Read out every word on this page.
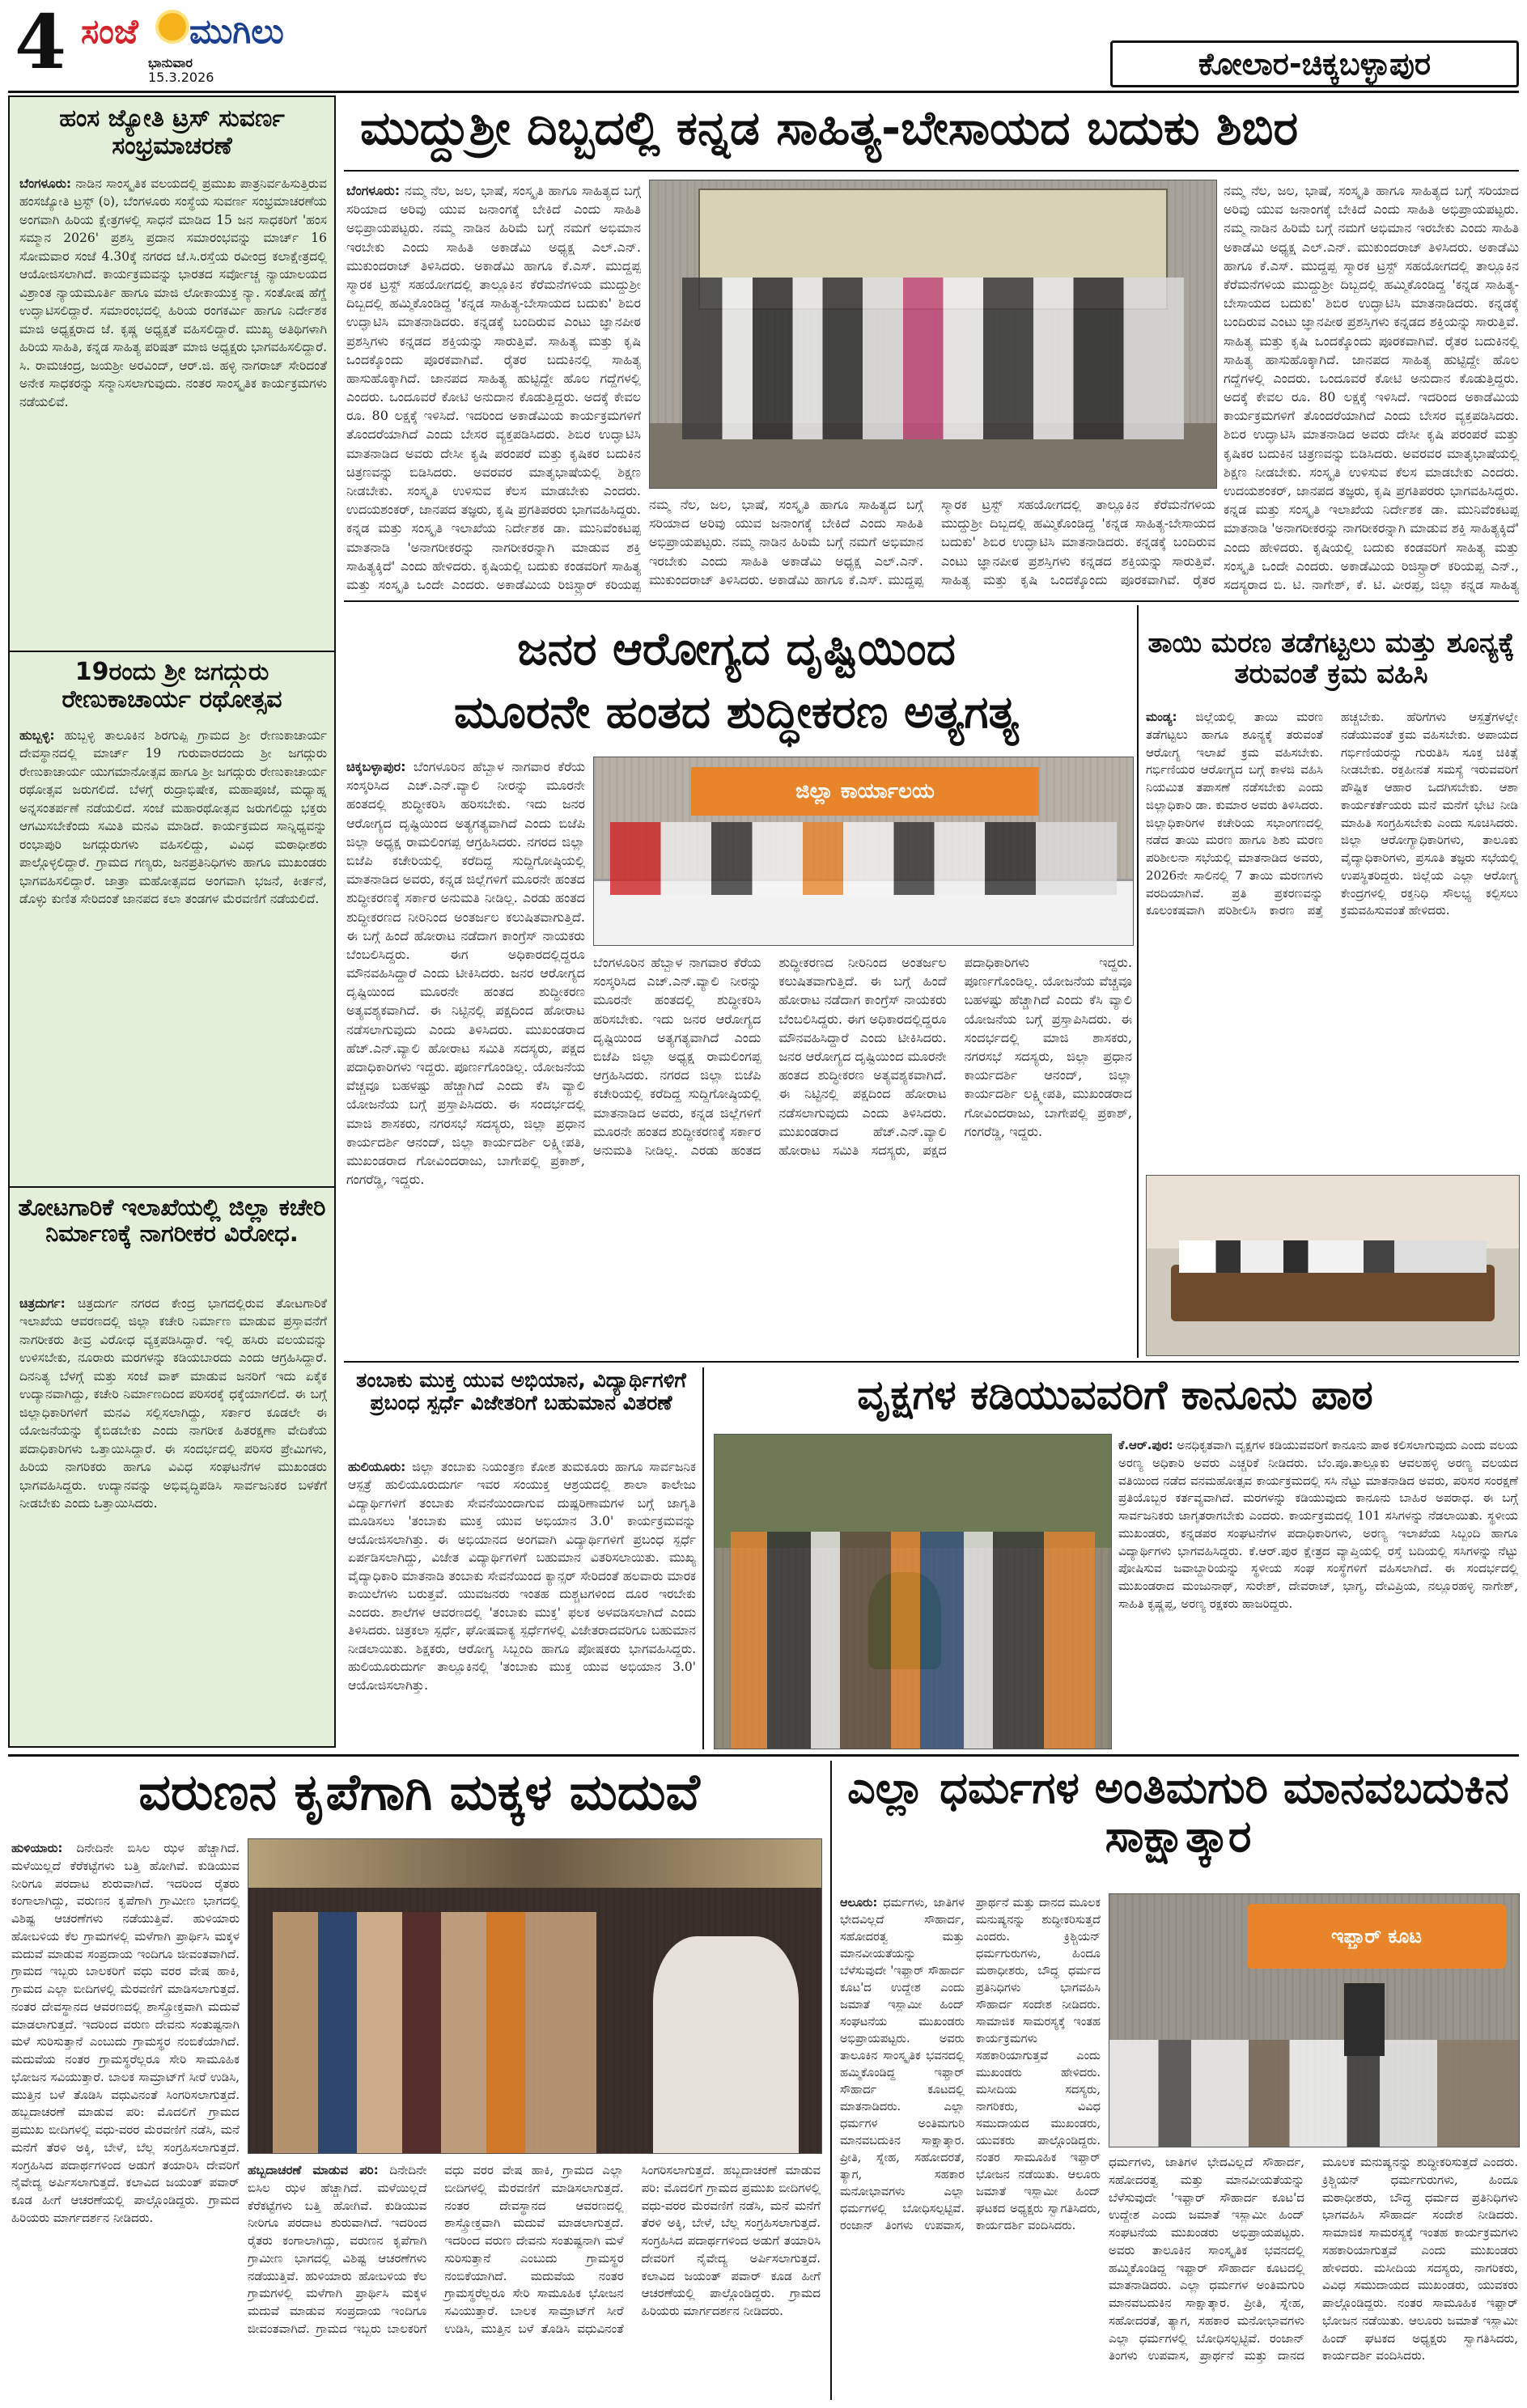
4 ಸಂಜೆ ಮುಗಿಲು
ಭಾನುವಾರ
15.3.2026	ಕೋಲಾರ-ಚಿಕ್ಕಬಳ್ಳಾಪುರ
ಹಂಸ ಜ್ಯೋತಿ ಟ್ರಸ್ ಸುವರ್ಣ ಸಂಭ್ರಮಾಚರಣೆ
ಬೆಂಗಳೂರು: ನಾಡಿನ ಸಾಂಸ್ಕೃತಿಕ ವಲಯದಲ್ಲಿ ಪ್ರಮುಖ ಪಾತ್ರನಿರ್ವಹಿಸುತ್ತಿರುವ ಹಂಸಜ್ಯೋತಿ ಟ್ರಸ್ಟ್ (ರಿ), ಬೆಂಗಳೂರು ಸಂಸ್ಥೆಯ ಸುವರ್ಣ ಸಂಭ್ರಮಾಚರಣೆಯ ಅಂಗವಾಗಿ ಹಿರಿಯ ಕ್ಷೇತ್ರಗಳಲ್ಲಿ ಸಾಧನೆ ಮಾಡಿದ 15 ಜನ ಸಾಧಕರಿಗೆ 'ಹಂಸ ಸಮ್ಮಾನ 2026' ಪ್ರಶಸ್ತಿ ಪ್ರದಾನ ಸಮಾರಂಭವನ್ನು ಮಾರ್ಚ್ 16 ಸೋಮವಾರ ಸಂಜೆ 4.30ಕ್ಕೆ ನಗರದ ಜೆ.ಸಿ.ರಸ್ತೆಯ ರವೀಂದ್ರ ಕಲಾಕ್ಷೇತ್ರದಲ್ಲಿ ಆಯೋಜಿಸಲಾಗಿದೆ. ಕಾರ್ಯಕ್ರಮವನ್ನು ಭಾರತದ ಸರ್ವೋಚ್ಚ ನ್ಯಾಯಾಲಯದ ವಿಶ್ರಾಂತ ನ್ಯಾಯಮೂರ್ತಿ ಹಾಗೂ ಮಾಜಿ ಲೋಕಾಯುಕ್ತ ನ್ಯಾ. ಸಂತೋಷ ಹೆಗ್ಡೆ ಉದ್ಘಾಟಿಸಲಿದ್ದಾರೆ. ಸಮಾರಂಭದಲ್ಲಿ ಹಿರಿಯ ರಂಗಕರ್ಮಿ ಹಾಗೂ ನಿರ್ದೇಶಕ ಮಾಜಿ ಅಧ್ಯಕ್ಷರಾದ ಜೆ. ಕೃಷ್ಣ ಅಧ್ಯಕ್ಷತೆ ವಹಿಸಲಿದ್ದಾರೆ. ಮುಖ್ಯ ಅತಿಥಿಗಳಾಗಿ ಹಿರಿಯ ಸಾಹಿತಿ, ಕನ್ನಡ ಸಾಹಿತ್ಯ ಪರಿಷತ್ ಮಾಜಿ ಅಧ್ಯಕ್ಷರು ಭಾಗವಹಿಸಲಿದ್ದಾರೆ. ಸಿ. ರಾಮಚಂದ್ರ, ಜಯಶ್ರೀ ಅರವಿಂದ್, ಆರ್.ಜಿ. ಹಳ್ಳಿ ನಾಗರಾಜ್ ಸೇರಿದಂತೆ ಅನೇಕ ಸಾಧಕರನ್ನು ಸನ್ಮಾನಿಸಲಾಗುವುದು. ನಂತರ ಸಾಂಸ್ಕೃತಿಕ ಕಾರ್ಯಕ್ರಮಗಳು ನಡೆಯಲಿವೆ.
19ರಂದು ಶ್ರೀ ಜಗದ್ಗುರು ರೇಣುಕಾಚಾರ್ಯ ರಥೋತ್ಸವ
ಹುಬ್ಬಳ್ಳಿ: ಹುಬ್ಬಳ್ಳಿ ತಾಲೂಕಿನ ಶಿರಗುಪ್ಪಿ ಗ್ರಾಮದ ಶ್ರೀ ರೇಣುಕಾಚಾರ್ಯ ದೇವಸ್ಥಾನದಲ್ಲಿ ಮಾರ್ಚ್ 19 ಗುರುವಾರದಂದು ಶ್ರೀ ಜಗದ್ಗುರು ರೇಣುಕಾಚಾರ್ಯ ಯುಗಮಾನೋತ್ಸವ ಹಾಗೂ ಶ್ರೀ ಜಗದ್ಗುರು ರೇಣುಕಾಚಾರ್ಯ ರಥೋತ್ಸವ ಜರುಗಲಿದೆ. ಬೆಳಗ್ಗೆ ರುದ್ರಾಭಿಷೇಕ, ಮಹಾಪೂಜೆ, ಮಧ್ಯಾಹ್ನ ಅನ್ನಸಂತರ್ಪಣೆ ನಡೆಯಲಿದೆ. ಸಂಜೆ ಮಹಾರಥೋತ್ಸವ ಜರುಗಲಿದ್ದು ಭಕ್ತರು ಆಗಮಿಸಬೇಕೆಂದು ಸಮಿತಿ ಮನವಿ ಮಾಡಿದೆ. ಕಾರ್ಯಕ್ರಮದ ಸಾನ್ನಿಧ್ಯವನ್ನು ರಂಭಾಪುರಿ ಜಗದ್ಗುರುಗಳು ವಹಿಸಲಿದ್ದು, ವಿವಿಧ ಮಠಾಧೀಶರು ಪಾಲ್ಗೊಳ್ಳಲಿದ್ದಾರೆ. ಗ್ರಾಮದ ಗಣ್ಯರು, ಜನಪ್ರತಿನಿಧಿಗಳು ಹಾಗೂ ಮುಖಂಡರು ಭಾಗವಹಿಸಲಿದ್ದಾರೆ. ಜಾತ್ರಾ ಮಹೋತ್ಸವದ ಅಂಗವಾಗಿ ಭಜನೆ, ಕೀರ್ತನೆ, ಡೊಳ್ಳು ಕುಣಿತ ಸೇರಿದಂತೆ ಜಾನಪದ ಕಲಾ ತಂಡಗಳ ಮೆರವಣಿಗೆ ನಡೆಯಲಿದೆ.
ತೋಟಗಾರಿಕೆ ಇಲಾಖೆಯಲ್ಲಿ ಜಿಲ್ಲಾ ಕಚೇರಿ ನಿರ್ಮಾಣಕ್ಕೆ ನಾಗರೀಕರ ವಿರೋಧ.
ಚಿತ್ರದುರ್ಗ: ಚಿತ್ರದುರ್ಗ ನಗರದ ಕೇಂದ್ರ ಭಾಗದಲ್ಲಿರುವ ತೋಟಗಾರಿಕೆ ಇಲಾಖೆಯ ಆವರಣದಲ್ಲಿ ಜಿಲ್ಲಾ ಕಚೇರಿ ನಿರ್ಮಾಣ ಮಾಡುವ ಪ್ರಸ್ತಾವನೆಗೆ ನಾಗರೀಕರು ತೀವ್ರ ವಿರೋಧ ವ್ಯಕ್ತಪಡಿಸಿದ್ದಾರೆ. ಇಲ್ಲಿ ಹಸಿರು ವಲಯವನ್ನು ಉಳಿಸಬೇಕು, ನೂರಾರು ಮರಗಳನ್ನು ಕಡಿಯಬಾರದು ಎಂದು ಆಗ್ರಹಿಸಿದ್ದಾರೆ. ದಿನನಿತ್ಯ ಬೆಳಗ್ಗೆ ಮತ್ತು ಸಂಜೆ ವಾಕ್ ಮಾಡುವ ಜನರಿಗೆ ಇದು ಏಕೈಕ ಉದ್ಯಾನವಾಗಿದ್ದು, ಕಚೇರಿ ನಿರ್ಮಾಣದಿಂದ ಪರಿಸರಕ್ಕೆ ಧಕ್ಕೆಯಾಗಲಿದೆ. ಈ ಬಗ್ಗೆ ಜಿಲ್ಲಾಧಿಕಾರಿಗಳಿಗೆ ಮನವಿ ಸಲ್ಲಿಸಲಾಗಿದ್ದು, ಸರ್ಕಾರ ಕೂಡಲೇ ಈ ಯೋಜನೆಯನ್ನು ಕೈಬಿಡಬೇಕು ಎಂದು ನಾಗರೀಕ ಹಿತರಕ್ಷಣಾ ವೇದಿಕೆಯ ಪದಾಧಿಕಾರಿಗಳು ಒತ್ತಾಯಿಸಿದ್ದಾರೆ. ಈ ಸಂದರ್ಭದಲ್ಲಿ ಪರಿಸರ ಪ್ರೇಮಿಗಳು, ಹಿರಿಯ ನಾಗರಿಕರು ಹಾಗೂ ವಿವಿಧ ಸಂಘಟನೆಗಳ ಮುಖಂಡರು ಭಾಗವಹಿಸಿದ್ದರು. ಉದ್ಯಾನವನ್ನು ಅಭಿವೃದ್ಧಿಪಡಿಸಿ ಸಾರ್ವಜನಿಕರ ಬಳಕೆಗೆ ನೀಡಬೇಕು ಎಂದು ಒತ್ತಾಯಿಸಿದರು.
ಮುದ್ದುಶ್ರೀ ದಿಬ್ಬದಲ್ಲಿ ಕನ್ನಡ ಸಾಹಿತ್ಯ-ಬೇಸಾಯದ ಬದುಕು ಶಿಬಿರ
ಬೆಂಗಳೂರು: ನಮ್ಮ ನೆಲ, ಜಲ, ಭಾಷೆ, ಸಂಸ್ಕೃತಿ ಹಾಗೂ ಸಾಹಿತ್ಯದ ಬಗ್ಗೆ ಸರಿಯಾದ ಅರಿವು ಯುವ ಜನಾಂಗಕ್ಕೆ ಬೇಕಿದೆ ಎಂದು ಸಾಹಿತಿ ಅಭಿಪ್ರಾಯಪಟ್ಟರು. ನಮ್ಮ ನಾಡಿನ ಹಿರಿಮೆ ಬಗ್ಗೆ ನಮಗೆ ಅಭಿಮಾನ ಇರಬೇಕು ಎಂದು ಸಾಹಿತಿ ಅಕಾಡೆಮಿ ಅಧ್ಯಕ್ಷ ಎಲ್.ಎನ್. ಮುಕುಂದರಾಜ್ ತಿಳಿಸಿದರು. ಅಕಾಡೆಮಿ ಹಾಗೂ ಕೆ.ಎಸ್. ಮುದ್ದಪ್ಪ ಸ್ಮಾರಕ ಟ್ರಸ್ಟ್ ಸಹಯೋಗದಲ್ಲಿ ತಾಲ್ಲೂಕಿನ ಕೆರೆಮನೆಗಳಿಯ ಮುದ್ದುಶ್ರೀ ದಿಬ್ಬದಲ್ಲಿ ಹಮ್ಮಿಕೊಂಡಿದ್ದ 'ಕನ್ನಡ ಸಾಹಿತ್ಯ-ಬೇಸಾಯದ ಬದುಕು' ಶಿಬಿರ ಉದ್ಘಾಟಿಸಿ ಮಾತನಾಡಿದರು. ಕನ್ನಡಕ್ಕೆ ಬಂದಿರುವ ಎಂಟು ಜ್ಞಾನಪೀಠ ಪ್ರಶಸ್ತಿಗಳು ಕನ್ನಡದ ಶಕ್ತಿಯನ್ನು ಸಾರುತ್ತಿವೆ. ಸಾಹಿತ್ಯ ಮತ್ತು ಕೃಷಿ ಒಂದಕ್ಕೊಂದು ಪೂರಕವಾಗಿವೆ. ರೈತರ ಬದುಕಿನಲ್ಲಿ ಸಾಹಿತ್ಯ ಹಾಸುಹೊಕ್ಕಾಗಿದೆ. ಜಾನಪದ ಸಾಹಿತ್ಯ ಹುಟ್ಟಿದ್ದೇ ಹೊಲ ಗದ್ದೆಗಳಲ್ಲಿ ಎಂದರು. ಒಂದೂವರೆ ಕೋಟಿ ಅನುದಾನ ಕೊಡುತ್ತಿದ್ದರು. ಅದಕ್ಕೆ ಕೇವಲ ರೂ. 80 ಲಕ್ಷಕ್ಕೆ ಇಳಿಸಿದೆ. ಇದರಿಂದ ಅಕಾಡೆಮಿಯ ಕಾರ್ಯಕ್ರಮಗಳಿಗೆ ತೊಂದರೆಯಾಗಿದೆ ಎಂದು ಬೇಸರ ವ್ಯಕ್ತಪಡಿಸಿದರು. ಶಿಬಿರ ಉದ್ಘಾಟಿಸಿ ಮಾತನಾಡಿದ ಅವರು ದೇಸೀ ಕೃಷಿ ಪರಂಪರೆ ಮತ್ತು ಕೃಷಿಕರ ಬದುಕಿನ ಚಿತ್ರಣವನ್ನು ಬಿಡಿಸಿದರು. ಅವರವರ ಮಾತೃಭಾಷೆಯಲ್ಲಿ ಶಿಕ್ಷಣ ನೀಡಬೇಕು. ಸಂಸ್ಕೃತಿ ಉಳಿಸುವ ಕೆಲಸ ಮಾಡಬೇಕು ಎಂದರು. ಉದಯಶಂಕರ್, ಜಾನಪದ ತಜ್ಞರು, ಕೃಷಿ ಪ್ರಗತಿಪರರು ಭಾಗವಹಿಸಿದ್ದರು. ಕನ್ನಡ ಮತ್ತು ಸಂಸ್ಕೃತಿ ಇಲಾಖೆಯ ನಿರ್ದೇಶಕ ಡಾ. ಮುನಿವೆಂಕಟಪ್ಪ ಮಾತನಾಡಿ 'ಅನಾಗರೀಕರನ್ನು ನಾಗರೀಕರನ್ನಾಗಿ ಮಾಡುವ ಶಕ್ತಿ ಸಾಹಿತ್ಯಕ್ಕಿದೆ' ಎಂದು ಹೇಳಿದರು. ಕೃಷಿಯಲ್ಲಿ ಬದುಕು ಕಂಡವರಿಗೆ ಸಾಹಿತ್ಯ ಮತ್ತು ಸಂಸ್ಕೃತಿ ಒಂದೇ ಎಂದರು. ಅಕಾಡೆಮಿಯ ರಿಜಿಸ್ಟ್ರಾರ್ ಕರಿಯಪ್ಪ
ನಮ್ಮ ನೆಲ, ಜಲ, ಭಾಷೆ, ಸಂಸ್ಕೃತಿ ಹಾಗೂ ಸಾಹಿತ್ಯದ ಬಗ್ಗೆ ಸರಿಯಾದ ಅರಿವು ಯುವ ಜನಾಂಗಕ್ಕೆ ಬೇಕಿದೆ ಎಂದು ಸಾಹಿತಿ ಅಭಿಪ್ರಾಯಪಟ್ಟರು. ನಮ್ಮ ನಾಡಿನ ಹಿರಿಮೆ ಬಗ್ಗೆ ನಮಗೆ ಅಭಿಮಾನ ಇರಬೇಕು ಎಂದು ಸಾಹಿತಿ ಅಕಾಡೆಮಿ ಅಧ್ಯಕ್ಷ ಎಲ್.ಎನ್. ಮುಕುಂದರಾಜ್ ತಿಳಿಸಿದರು. ಅಕಾಡೆಮಿ ಹಾಗೂ ಕೆ.ಎಸ್. ಮುದ್ದಪ್ಪ ಸ್ಮಾರಕ ಟ್ರಸ್ಟ್ ಸಹಯೋಗದಲ್ಲಿ ತಾಲ್ಲೂಕಿನ ಕೆರೆಮನೆಗಳಿಯ ಮುದ್ದುಶ್ರೀ ದಿಬ್ಬದಲ್ಲಿ ಹಮ್ಮಿಕೊಂಡಿದ್ದ 'ಕನ್ನಡ ಸಾಹಿತ್ಯ-ಬೇಸಾಯದ ಬದುಕು' ಶಿಬಿರ ಉದ್ಘಾಟಿಸಿ ಮಾತನಾಡಿದರು. ಕನ್ನಡಕ್ಕೆ ಬಂದಿರುವ ಎಂಟು ಜ್ಞಾನಪೀಠ ಪ್ರಶಸ್ತಿಗಳು ಕನ್ನಡದ ಶಕ್ತಿಯನ್ನು ಸಾರುತ್ತಿವೆ. ಸಾಹಿತ್ಯ ಮತ್ತು ಕೃಷಿ ಒಂದಕ್ಕೊಂದು ಪೂರಕವಾಗಿವೆ. ರೈತರ
ನಮ್ಮ ನೆಲ, ಜಲ, ಭಾಷೆ, ಸಂಸ್ಕೃತಿ ಹಾಗೂ ಸಾಹಿತ್ಯದ ಬಗ್ಗೆ ಸರಿಯಾದ ಅರಿವು ಯುವ ಜನಾಂಗಕ್ಕೆ ಬೇಕಿದೆ ಎಂದು ಸಾಹಿತಿ ಅಭಿಪ್ರಾಯಪಟ್ಟರು. ನಮ್ಮ ನಾಡಿನ ಹಿರಿಮೆ ಬಗ್ಗೆ ನಮಗೆ ಅಭಿಮಾನ ಇರಬೇಕು ಎಂದು ಸಾಹಿತಿ ಅಕಾಡೆಮಿ ಅಧ್ಯಕ್ಷ ಎಲ್.ಎನ್. ಮುಕುಂದರಾಜ್ ತಿಳಿಸಿದರು. ಅಕಾಡೆಮಿ ಹಾಗೂ ಕೆ.ಎಸ್. ಮುದ್ದಪ್ಪ ಸ್ಮಾರಕ ಟ್ರಸ್ಟ್ ಸಹಯೋಗದಲ್ಲಿ ತಾಲ್ಲೂಕಿನ ಕೆರೆಮನೆಗಳಿಯ ಮುದ್ದುಶ್ರೀ ದಿಬ್ಬದಲ್ಲಿ ಹಮ್ಮಿಕೊಂಡಿದ್ದ 'ಕನ್ನಡ ಸಾಹಿತ್ಯ-ಬೇಸಾಯದ ಬದುಕು' ಶಿಬಿರ ಉದ್ಘಾಟಿಸಿ ಮಾತನಾಡಿದರು. ಕನ್ನಡಕ್ಕೆ ಬಂದಿರುವ ಎಂಟು ಜ್ಞಾನಪೀಠ ಪ್ರಶಸ್ತಿಗಳು ಕನ್ನಡದ ಶಕ್ತಿಯನ್ನು ಸಾರುತ್ತಿವೆ. ಸಾಹಿತ್ಯ ಮತ್ತು ಕೃಷಿ ಒಂದಕ್ಕೊಂದು ಪೂರಕವಾಗಿವೆ. ರೈತರ ಬದುಕಿನಲ್ಲಿ ಸಾಹಿತ್ಯ ಹಾಸುಹೊಕ್ಕಾಗಿದೆ. ಜಾನಪದ ಸಾಹಿತ್ಯ ಹುಟ್ಟಿದ್ದೇ ಹೊಲ ಗದ್ದೆಗಳಲ್ಲಿ ಎಂದರು. ಒಂದೂವರೆ ಕೋಟಿ ಅನುದಾನ ಕೊಡುತ್ತಿದ್ದರು. ಅದಕ್ಕೆ ಕೇವಲ ರೂ. 80 ಲಕ್ಷಕ್ಕೆ ಇಳಿಸಿದೆ. ಇದರಿಂದ ಅಕಾಡೆಮಿಯ ಕಾರ್ಯಕ್ರಮಗಳಿಗೆ ತೊಂದರೆಯಾಗಿದೆ ಎಂದು ಬೇಸರ ವ್ಯಕ್ತಪಡಿಸಿದರು. ಶಿಬಿರ ಉದ್ಘಾಟಿಸಿ ಮಾತನಾಡಿದ ಅವರು ದೇಸೀ ಕೃಷಿ ಪರಂಪರೆ ಮತ್ತು ಕೃಷಿಕರ ಬದುಕಿನ ಚಿತ್ರಣವನ್ನು ಬಿಡಿಸಿದರು. ಅವರವರ ಮಾತೃಭಾಷೆಯಲ್ಲಿ ಶಿಕ್ಷಣ ನೀಡಬೇಕು. ಸಂಸ್ಕೃತಿ ಉಳಿಸುವ ಕೆಲಸ ಮಾಡಬೇಕು ಎಂದರು. ಉದಯಶಂಕರ್, ಜಾನಪದ ತಜ್ಞರು, ಕೃಷಿ ಪ್ರಗತಿಪರರು ಭಾಗವಹಿಸಿದ್ದರು. ಕನ್ನಡ ಮತ್ತು ಸಂಸ್ಕೃತಿ ಇಲಾಖೆಯ ನಿರ್ದೇಶಕ ಡಾ. ಮುನಿವೆಂಕಟಪ್ಪ ಮಾತನಾಡಿ 'ಅನಾಗರೀಕರನ್ನು ನಾಗರೀಕರನ್ನಾಗಿ ಮಾಡುವ ಶಕ್ತಿ ಸಾಹಿತ್ಯಕ್ಕಿದೆ' ಎಂದು ಹೇಳಿದರು. ಕೃಷಿಯಲ್ಲಿ ಬದುಕು ಕಂಡವರಿಗೆ ಸಾಹಿತ್ಯ ಮತ್ತು ಸಂಸ್ಕೃತಿ ಒಂದೇ ಎಂದರು. ಅಕಾಡೆಮಿಯ ರಿಜಿಸ್ಟ್ರಾರ್ ಕರಿಯಪ್ಪ ಎನ್., ಸದಸ್ಯರಾದ ಬಿ. ಟಿ. ನಾಗೇಶ್, ಕೆ. ಟಿ. ವೀರಪ್ಪ, ಜಿಲ್ಲಾ ಕನ್ನಡ ಸಾಹಿತ್ಯ
ಜನರ ಆರೋಗ್ಯದ ದೃಷ್ಟಿಯಿಂದ
ಮೂರನೇ ಹಂತದ ಶುದ್ಧೀಕರಣ ಅತ್ಯಗತ್ಯ
ಜಿಲ್ಲಾ ಕಾರ್ಯಾಲಯ
ಚಿಕ್ಕಬಳ್ಳಾಪುರ: ಬೆಂಗಳೂರಿನ ಹೆಬ್ಬಾಳ ನಾಗವಾರ ಕೆರೆಯ ಸಂಸ್ಕರಿಸಿದ ಎಚ್.ಎನ್.ವ್ಯಾಲಿ ನೀರನ್ನು ಮೂರನೇ ಹಂತದಲ್ಲಿ ಶುದ್ಧೀಕರಿಸಿ ಹರಿಸಬೇಕು. ಇದು ಜನರ ಆರೋಗ್ಯದ ದೃಷ್ಟಿಯಿಂದ ಅತ್ಯಗತ್ಯವಾಗಿದೆ ಎಂದು ಬಿಜೆಪಿ ಜಿಲ್ಲಾ ಅಧ್ಯಕ್ಷ ರಾಮಲಿಂಗಪ್ಪ ಆಗ್ರಹಿಸಿದರು. ನಗರದ ಜಿಲ್ಲಾ ಬಿಜೆಪಿ ಕಚೇರಿಯಲ್ಲಿ ಕರೆದಿದ್ದ ಸುದ್ದಿಗೋಷ್ಠಿಯಲ್ಲಿ ಮಾತನಾಡಿದ ಅವರು, ಕನ್ನಡ ಜಿಲ್ಲೆಗಳಿಗೆ ಮೂರನೇ ಹಂತದ ಶುದ್ಧೀಕರಣಕ್ಕೆ ಸರ್ಕಾರ ಅನುಮತಿ ನೀಡಿಲ್ಲ. ಎರಡು ಹಂತದ ಶುದ್ಧೀಕರಣದ ನೀರಿನಿಂದ ಅಂತರ್ಜಲ ಕಲುಷಿತವಾಗುತ್ತಿದೆ. ಈ ಬಗ್ಗೆ ಹಿಂದೆ ಹೋರಾಟ ನಡೆದಾಗ ಕಾಂಗ್ರೆಸ್ ನಾಯಕರು ಬೆಂಬಲಿಸಿದ್ದರು. ಈಗ ಅಧಿಕಾರದಲ್ಲಿದ್ದರೂ ಮೌನವಹಿಸಿದ್ದಾರೆ ಎಂದು ಟೀಕಿಸಿದರು. ಜನರ ಆರೋಗ್ಯದ ದೃಷ್ಟಿಯಿಂದ ಮೂರನೇ ಹಂತದ ಶುದ್ಧೀಕರಣ ಅತ್ಯವಶ್ಯಕವಾಗಿದೆ. ಈ ನಿಟ್ಟಿನಲ್ಲಿ ಪಕ್ಷದಿಂದ ಹೋರಾಟ ನಡೆಸಲಾಗುವುದು ಎಂದು ತಿಳಿಸಿದರು. ಮುಖಂಡರಾದ ಹೆಚ್.ಎನ್.ವ್ಯಾಲಿ ಹೋರಾಟ ಸಮಿತಿ ಸದಸ್ಯರು, ಪಕ್ಷದ ಪದಾಧಿಕಾರಿಗಳು ಇದ್ದರು. ಪೂರ್ಣಗೊಂಡಿಲ್ಲ. ಯೋಜನೆಯ ವೆಚ್ಚವೂ ಬಹಳಷ್ಟು ಹೆಚ್ಚಾಗಿದೆ ಎಂದು ಕೆಸಿ ವ್ಯಾಲಿ ಯೋಜನೆಯ ಬಗ್ಗೆ ಪ್ರಸ್ತಾಪಿಸಿದರು. ಈ ಸಂದರ್ಭದಲ್ಲಿ ಮಾಜಿ ಶಾಸಕರು, ನಗರಸಭೆ ಸದಸ್ಯರು, ಜಿಲ್ಲಾ ಪ್ರಧಾನ ಕಾರ್ಯದರ್ಶಿ ಆನಂದ್, ಜಿಲ್ಲಾ ಕಾರ್ಯದರ್ಶಿ ಲಕ್ಷ್ಮೀಪತಿ, ಮುಖಂಡರಾದ ಗೋವಿಂದರಾಜು, ಬಾಗೇಪಲ್ಲಿ ಪ್ರಕಾಶ್, ಗಂಗರೆಡ್ಡಿ, ಇದ್ದರು.
ಬೆಂಗಳೂರಿನ ಹೆಬ್ಬಾಳ ನಾಗವಾರ ಕೆರೆಯ ಸಂಸ್ಕರಿಸಿದ ಎಚ್.ಎನ್.ವ್ಯಾಲಿ ನೀರನ್ನು ಮೂರನೇ ಹಂತದಲ್ಲಿ ಶುದ್ಧೀಕರಿಸಿ ಹರಿಸಬೇಕು. ಇದು ಜನರ ಆರೋಗ್ಯದ ದೃಷ್ಟಿಯಿಂದ ಅತ್ಯಗತ್ಯವಾಗಿದೆ ಎಂದು ಬಿಜೆಪಿ ಜಿಲ್ಲಾ ಅಧ್ಯಕ್ಷ ರಾಮಲಿಂಗಪ್ಪ ಆಗ್ರಹಿಸಿದರು. ನಗರದ ಜಿಲ್ಲಾ ಬಿಜೆಪಿ ಕಚೇರಿಯಲ್ಲಿ ಕರೆದಿದ್ದ ಸುದ್ದಿಗೋಷ್ಠಿಯಲ್ಲಿ ಮಾತನಾಡಿದ ಅವರು, ಕನ್ನಡ ಜಿಲ್ಲೆಗಳಿಗೆ ಮೂರನೇ ಹಂತದ ಶುದ್ಧೀಕರಣಕ್ಕೆ ಸರ್ಕಾರ ಅನುಮತಿ ನೀಡಿಲ್ಲ. ಎರಡು ಹಂತದ ಶುದ್ಧೀಕರಣದ ನೀರಿನಿಂದ ಅಂತರ್ಜಲ ಕಲುಷಿತವಾಗುತ್ತಿದೆ. ಈ ಬಗ್ಗೆ ಹಿಂದೆ ಹೋರಾಟ ನಡೆದಾಗ ಕಾಂಗ್ರೆಸ್ ನಾಯಕರು ಬೆಂಬಲಿಸಿದ್ದರು. ಈಗ ಅಧಿಕಾರದಲ್ಲಿದ್ದರೂ ಮೌನವಹಿಸಿದ್ದಾರೆ ಎಂದು ಟೀಕಿಸಿದರು. ಜನರ ಆರೋಗ್ಯದ ದೃಷ್ಟಿಯಿಂದ ಮೂರನೇ ಹಂತದ ಶುದ್ಧೀಕರಣ ಅತ್ಯವಶ್ಯಕವಾಗಿದೆ. ಈ ನಿಟ್ಟಿನಲ್ಲಿ ಪಕ್ಷದಿಂದ ಹೋರಾಟ ನಡೆಸಲಾಗುವುದು ಎಂದು ತಿಳಿಸಿದರು. ಮುಖಂಡರಾದ ಹೆಚ್.ಎನ್.ವ್ಯಾಲಿ ಹೋರಾಟ ಸಮಿತಿ ಸದಸ್ಯರು, ಪಕ್ಷದ ಪದಾಧಿಕಾರಿಗಳು ಇದ್ದರು. ಪೂರ್ಣಗೊಂಡಿಲ್ಲ. ಯೋಜನೆಯ ವೆಚ್ಚವೂ ಬಹಳಷ್ಟು ಹೆಚ್ಚಾಗಿದೆ ಎಂದು ಕೆಸಿ ವ್ಯಾಲಿ ಯೋಜನೆಯ ಬಗ್ಗೆ ಪ್ರಸ್ತಾಪಿಸಿದರು. ಈ ಸಂದರ್ಭದಲ್ಲಿ ಮಾಜಿ ಶಾಸಕರು, ನಗರಸಭೆ ಸದಸ್ಯರು, ಜಿಲ್ಲಾ ಪ್ರಧಾನ ಕಾರ್ಯದರ್ಶಿ ಆನಂದ್, ಜಿಲ್ಲಾ ಕಾರ್ಯದರ್ಶಿ ಲಕ್ಷ್ಮೀಪತಿ, ಮುಖಂಡರಾದ ಗೋವಿಂದರಾಜು, ಬಾಗೇಪಲ್ಲಿ ಪ್ರಕಾಶ್, ಗಂಗರೆಡ್ಡಿ, ಇದ್ದರು.
ತಾಯಿ ಮರಣ ತಡೆಗಟ್ಟಲು ಮತ್ತು ಶೂನ್ಯಕ್ಕೆ ತರುವಂತೆ ಕ್ರಮ ವಹಿಸಿ
ಮಂಡ್ಯ: ಜಿಲ್ಲೆಯಲ್ಲಿ ತಾಯಿ ಮರಣ ತಡೆಗಟ್ಟಲು ಹಾಗೂ ಶೂನ್ಯಕ್ಕೆ ತರುವಂತೆ ಆರೋಗ್ಯ ಇಲಾಖೆ ಕ್ರಮ ವಹಿಸಬೇಕು. ಗರ್ಭಿಣಿಯರ ಆರೋಗ್ಯದ ಬಗ್ಗೆ ಕಾಳಜಿ ವಹಿಸಿ ನಿಯಮಿತ ತಪಾಸಣೆ ನಡೆಸಬೇಕು ಎಂದು ಜಿಲ್ಲಾಧಿಕಾರಿ ಡಾ. ಕುಮಾರ ಅವರು ತಿಳಿಸಿದರು. ಜಿಲ್ಲಾಧಿಕಾರಿಗಳ ಕಚೇರಿಯ ಸಭಾಂಗಣದಲ್ಲಿ ನಡೆದ ತಾಯಿ ಮರಣ ಹಾಗೂ ಶಿಶು ಮರಣ ಪರಿಶೀಲನಾ ಸಭೆಯಲ್ಲಿ ಮಾತನಾಡಿದ ಅವರು, 2026ನೇ ಸಾಲಿನಲ್ಲಿ 7 ತಾಯಿ ಮರಣಗಳು ವರದಿಯಾಗಿವೆ. ಪ್ರತಿ ಪ್ರಕರಣವನ್ನು ಕೂಲಂಕಷವಾಗಿ ಪರಿಶೀಲಿಸಿ ಕಾರಣ ಪತ್ತೆ ಹಚ್ಚಬೇಕು. ಹೆರಿಗೆಗಳು ಆಸ್ಪತ್ರೆಗಳಲ್ಲೇ ನಡೆಯುವಂತೆ ಕ್ರಮ ವಹಿಸಬೇಕು. ಅಪಾಯದ ಗರ್ಭಿಣಿಯರನ್ನು ಗುರುತಿಸಿ ಸೂಕ್ತ ಚಿಕಿತ್ಸೆ ನೀಡಬೇಕು. ರಕ್ತಹೀನತೆ ಸಮಸ್ಯೆ ಇರುವವರಿಗೆ ಪೌಷ್ಟಿಕ ಆಹಾರ ಒದಗಿಸಬೇಕು. ಆಶಾ ಕಾರ್ಯಕರ್ತೆಯರು ಮನೆ ಮನೆಗೆ ಭೇಟಿ ನೀಡಿ ಮಾಹಿತಿ ಸಂಗ್ರಹಿಸಬೇಕು ಎಂದು ಸೂಚಿಸಿದರು. ಜಿಲ್ಲಾ ಆರೋಗ್ಯಾಧಿಕಾರಿಗಳು, ತಾಲೂಕು ವೈದ್ಯಾಧಿಕಾರಿಗಳು, ಪ್ರಸೂತಿ ತಜ್ಞರು ಸಭೆಯಲ್ಲಿ ಉಪಸ್ಥಿತರಿದ್ದರು. ಜಿಲ್ಲೆಯ ಎಲ್ಲಾ ಆರೋಗ್ಯ ಕೇಂದ್ರಗಳಲ್ಲಿ ರಕ್ತನಿಧಿ ಸೌಲಭ್ಯ ಕಲ್ಪಿಸಲು ಕ್ರಮವಹಿಸುವಂತೆ ಹೇಳಿದರು.
ತಂಬಾಕು ಮುಕ್ತ ಯುವ ಅಭಿಯಾನ, ವಿದ್ಯಾರ್ಥಿಗಳಿಗೆ ಪ್ರಬಂಧ ಸ್ಪರ್ಧೆ ವಿಜೇತರಿಗೆ ಬಹುಮಾನ ವಿತರಣೆ
ಹುಲಿಯೂರು: ಜಿಲ್ಲಾ ತಂಬಾಕು ನಿಯಂತ್ರಣ ಕೋಶ ತುಮಕೂರು ಹಾಗೂ ಸಾರ್ವಜನಿಕ ಆಸ್ಪತ್ರೆ ಹುಲಿಯೂರುದುರ್ಗ ಇವರ ಸಂಯುಕ್ತ ಆಶ್ರಯದಲ್ಲಿ ಶಾಲಾ ಕಾಲೇಜು ವಿದ್ಯಾರ್ಥಿಗಳಿಗೆ ತಂಬಾಕು ಸೇವನೆಯಿಂದಾಗುವ ದುಷ್ಪರಿಣಾಮಗಳ ಬಗ್ಗೆ ಜಾಗೃತಿ ಮೂಡಿಸಲು 'ತಂಬಾಕು ಮುಕ್ತ ಯುವ ಅಭಿಯಾನ 3.0' ಕಾರ್ಯಕ್ರಮವನ್ನು ಆಯೋಜಿಸಲಾಗಿತ್ತು. ಈ ಅಭಿಯಾನದ ಅಂಗವಾಗಿ ವಿದ್ಯಾರ್ಥಿಗಳಿಗೆ ಪ್ರಬಂಧ ಸ್ಪರ್ಧೆ ಏರ್ಪಡಿಸಲಾಗಿದ್ದು, ವಿಜೇತ ವಿದ್ಯಾರ್ಥಿಗಳಿಗೆ ಬಹುಮಾನ ವಿತರಿಸಲಾಯಿತು. ಮುಖ್ಯ ವೈದ್ಯಾಧಿಕಾರಿ ಮಾತನಾಡಿ ತಂಬಾಕು ಸೇವನೆಯಿಂದ ಕ್ಯಾನ್ಸರ್ ಸೇರಿದಂತೆ ಹಲವಾರು ಮಾರಕ ಕಾಯಿಲೆಗಳು ಬರುತ್ತವೆ. ಯುವಜನರು ಇಂತಹ ದುಶ್ಚಟಗಳಿಂದ ದೂರ ಇರಬೇಕು ಎಂದರು. ಶಾಲೆಗಳ ಆವರಣದಲ್ಲಿ 'ತಂಬಾಕು ಮುಕ್ತ' ಫಲಕ ಅಳವಡಿಸಲಾಗಿದೆ ಎಂದು ತಿಳಿಸಿದರು. ಚಿತ್ರಕಲಾ ಸ್ಪರ್ಧೆ, ಘೋಷವಾಕ್ಯ ಸ್ಪರ್ಧೆಗಳಲ್ಲಿ ವಿಜೇತರಾದವರಿಗೂ ಬಹುಮಾನ ನೀಡಲಾಯಿತು. ಶಿಕ್ಷಕರು, ಆರೋಗ್ಯ ಸಿಬ್ಬಂದಿ ಹಾಗೂ ಪೋಷಕರು ಭಾಗವಹಿಸಿದ್ದರು. ಹುಲಿಯೂರುದುರ್ಗ ತಾಲ್ಲೂಕಿನಲ್ಲಿ 'ತಂಬಾಕು ಮುಕ್ತ ಯುವ ಅಭಿಯಾನ 3.0' ಆಯೋಜಿಸಲಾಗಿತ್ತು.
ವೃಕ್ಷಗಳ ಕಡಿಯುವವರಿಗೆ ಕಾನೂನು ಪಾಠ
ಕೆ.ಆರ್.ಪುರ: ಅನಧಿಕೃತವಾಗಿ ವೃಕ್ಷಗಳ ಕಡಿಯುವವರಿಗೆ ಕಾನೂನು ಪಾಠ ಕಲಿಸಲಾಗುವುದು ಎಂದು ವಲಯ ಅರಣ್ಯ ಅಧಿಕಾರಿ ಅವರು ಎಚ್ಚರಿಕೆ ನೀಡಿದರು. ಬೆಂ.ಪೂ.ತಾಲ್ಲೂಕು ಆವಲಹಳ್ಳಿ ಅರಣ್ಯ ವಲಯದ ವತಿಯಿಂದ ನಡೆದ ವನಮಹೋತ್ಸವ ಕಾರ್ಯಕ್ರಮದಲ್ಲಿ ಸಸಿ ನೆಟ್ಟು ಮಾತನಾಡಿದ ಅವರು, ಪರಿಸರ ಸಂರಕ್ಷಣೆ ಪ್ರತಿಯೊಬ್ಬರ ಕರ್ತವ್ಯವಾಗಿದೆ. ಮರಗಳನ್ನು ಕಡಿಯುವುದು ಕಾನೂನು ಬಾಹಿರ ಅಪರಾಧ. ಈ ಬಗ್ಗೆ ಸಾರ್ವಜನಿಕರು ಜಾಗೃತರಾಗಬೇಕು ಎಂದರು. ಕಾರ್ಯಕ್ರಮದಲ್ಲಿ 101 ಸಸಿಗಳನ್ನು ನೆಡಲಾಯಿತು. ಸ್ಥಳೀಯ ಮುಖಂಡರು, ಕನ್ನಡಪರ ಸಂಘಟನೆಗಳ ಪದಾಧಿಕಾರಿಗಳು, ಅರಣ್ಯ ಇಲಾಖೆಯ ಸಿಬ್ಬಂದಿ ಹಾಗೂ ವಿದ್ಯಾರ್ಥಿಗಳು ಭಾಗವಹಿಸಿದ್ದರು. ಕೆ.ಆರ್.ಪುರ ಕ್ಷೇತ್ರದ ವ್ಯಾಪ್ತಿಯಲ್ಲಿ ರಸ್ತೆ ಬದಿಯಲ್ಲಿ ಸಸಿಗಳನ್ನು ನೆಟ್ಟು ಪೋಷಿಸುವ ಜವಾಬ್ದಾರಿಯನ್ನು ಸ್ಥಳೀಯ ಸಂಘ ಸಂಸ್ಥೆಗಳಿಗೆ ವಹಿಸಲಾಗಿದೆ. ಈ ಸಂದರ್ಭದಲ್ಲಿ ಮುಖಂಡರಾದ ಮಂಜುನಾಥ್, ಸುರೇಶ್, ದೇವರಾಜ್, ಭಾಗ್ಯ, ದೇವಿಪ್ರಿಯ, ನಲ್ಲೂರಹಳ್ಳಿ ನಾಗೇಶ್, ಸಾಹಿತಿ ಕೃಷ್ಣಪ್ಪ, ಅರಣ್ಯ ರಕ್ಷಕರು ಹಾಜರಿದ್ದರು.
ವರುಣನ ಕೃಪೆಗಾಗಿ ಮಕ್ಕಳ ಮದುವೆ
ಹುಳಿಯಾರು: ದಿನೇದಿನೇ ಬಿಸಿಲ ಝಳ ಹೆಚ್ಚಾಗಿದೆ. ಮಳೆಯಿಲ್ಲದೆ ಕೆರೆಕಟ್ಟೆಗಳು ಬತ್ತಿ ಹೋಗಿವೆ. ಕುಡಿಯುವ ನೀರಿಗೂ ಪರದಾಟ ಶುರುವಾಗಿದೆ. ಇದರಿಂದ ರೈತರು ಕಂಗಾಲಾಗಿದ್ದು, ವರುಣನ ಕೃಪೆಗಾಗಿ ಗ್ರಾಮೀಣ ಭಾಗದಲ್ಲಿ ವಿಶಿಷ್ಟ ಆಚರಣೆಗಳು ನಡೆಯುತ್ತಿವೆ. ಹುಳಿಯಾರು ಹೋಬಳಿಯ ಕೆಲ ಗ್ರಾಮಗಳಲ್ಲಿ ಮಳೆಗಾಗಿ ಪ್ರಾರ್ಥಿಸಿ ಮಕ್ಕಳ ಮದುವೆ ಮಾಡುವ ಸಂಪ್ರದಾಯ ಇಂದಿಗೂ ಜೀವಂತವಾಗಿದೆ. ಗ್ರಾಮದ ಇಬ್ಬರು ಬಾಲಕರಿಗೆ ವಧು ವರರ ವೇಷ ಹಾಕಿ, ಗ್ರಾಮದ ಎಲ್ಲಾ ಬೀದಿಗಳಲ್ಲಿ ಮೆರವಣಿಗೆ ಮಾಡಿಸಲಾಗುತ್ತದೆ. ನಂತರ ದೇವಸ್ಥಾನದ ಆವರಣದಲ್ಲಿ ಶಾಸ್ತ್ರೋಕ್ತವಾಗಿ ಮದುವೆ ಮಾಡಲಾಗುತ್ತದೆ. ಇದರಿಂದ ವರುಣ ದೇವನು ಸಂತುಷ್ಟನಾಗಿ ಮಳೆ ಸುರಿಸುತ್ತಾನೆ ಎಂಬುದು ಗ್ರಾಮಸ್ಥರ ನಂಬಿಕೆಯಾಗಿದೆ. ಮದುವೆಯ ನಂತರ ಗ್ರಾಮಸ್ಥರೆಲ್ಲರೂ ಸೇರಿ ಸಾಮೂಹಿಕ ಭೋಜನ ಸವಿಯುತ್ತಾರೆ. ಬಾಲಕ ಸಾಮ್ರಾಟ್‌ಗೆ ಸೀರೆ ಉಡಿಸಿ, ಮುತ್ತಿನ ಬಳೆ ತೊಡಿಸಿ ವಧುವಿನಂತೆ ಸಿಂಗರಿಸಲಾಗುತ್ತದೆ. ಹಬ್ಬದಾಚರಣೆ ಮಾಡುವ ಪರಿ: ಮೊದಲಿಗೆ ಗ್ರಾಮದ ಪ್ರಮುಖ ಬೀದಿಗಳಲ್ಲಿ ವಧು-ವರರ ಮೆರವಣಿಗೆ ನಡೆಸಿ, ಮನೆ ಮನೆಗೆ ತೆರಳಿ ಅಕ್ಕಿ, ಬೇಳೆ, ಬೆಲ್ಲ ಸಂಗ್ರಹಿಸಲಾಗುತ್ತದೆ. ಸಂಗ್ರಹಿಸಿದ ಪದಾರ್ಥಗಳಿಂದ ಅಡುಗೆ ತಯಾರಿಸಿ ದೇವರಿಗೆ ನೈವೇದ್ಯ ಅರ್ಪಿಸಲಾಗುತ್ತದೆ. ಕಲಾವಿದ ಜಯಂತ್ ಪವಾರ್ ಕೂಡ ಹೀಗೆ ಆಚರಣೆಯಲ್ಲಿ ಪಾಲ್ಗೊಂಡಿದ್ದರು. ಗ್ರಾಮದ ಹಿರಿಯರು ಮಾರ್ಗದರ್ಶನ ನೀಡಿದರು.
ಹಬ್ಬದಾಚರಣೆ ಮಾಡುವ ಪರಿ: ದಿನೇದಿನೇ ಬಿಸಿಲ ಝಳ ಹೆಚ್ಚಾಗಿದೆ. ಮಳೆಯಿಲ್ಲದೆ ಕೆರೆಕಟ್ಟೆಗಳು ಬತ್ತಿ ಹೋಗಿವೆ. ಕುಡಿಯುವ ನೀರಿಗೂ ಪರದಾಟ ಶುರುವಾಗಿದೆ. ಇದರಿಂದ ರೈತರು ಕಂಗಾಲಾಗಿದ್ದು, ವರುಣನ ಕೃಪೆಗಾಗಿ ಗ್ರಾಮೀಣ ಭಾಗದಲ್ಲಿ ವಿಶಿಷ್ಟ ಆಚರಣೆಗಳು ನಡೆಯುತ್ತಿವೆ. ಹುಳಿಯಾರು ಹೋಬಳಿಯ ಕೆಲ ಗ್ರಾಮಗಳಲ್ಲಿ ಮಳೆಗಾಗಿ ಪ್ರಾರ್ಥಿಸಿ ಮಕ್ಕಳ ಮದುವೆ ಮಾಡುವ ಸಂಪ್ರದಾಯ ಇಂದಿಗೂ ಜೀವಂತವಾಗಿದೆ. ಗ್ರಾಮದ ಇಬ್ಬರು ಬಾಲಕರಿಗೆ ವಧು ವರರ ವೇಷ ಹಾಕಿ, ಗ್ರಾಮದ ಎಲ್ಲಾ ಬೀದಿಗಳಲ್ಲಿ ಮೆರವಣಿಗೆ ಮಾಡಿಸಲಾಗುತ್ತದೆ. ನಂತರ ದೇವಸ್ಥಾನದ ಆವರಣದಲ್ಲಿ ಶಾಸ್ತ್ರೋಕ್ತವಾಗಿ ಮದುವೆ ಮಾಡಲಾಗುತ್ತದೆ. ಇದರಿಂದ ವರುಣ ದೇವನು ಸಂತುಷ್ಟನಾಗಿ ಮಳೆ ಸುರಿಸುತ್ತಾನೆ ಎಂಬುದು ಗ್ರಾಮಸ್ಥರ ನಂಬಿಕೆಯಾಗಿದೆ. ಮದುವೆಯ ನಂತರ ಗ್ರಾಮಸ್ಥರೆಲ್ಲರೂ ಸೇರಿ ಸಾಮೂಹಿಕ ಭೋಜನ ಸವಿಯುತ್ತಾರೆ. ಬಾಲಕ ಸಾಮ್ರಾಟ್‌ಗೆ ಸೀರೆ ಉಡಿಸಿ, ಮುತ್ತಿನ ಬಳೆ ತೊಡಿಸಿ ವಧುವಿನಂತೆ ಸಿಂಗರಿಸಲಾಗುತ್ತದೆ. ಹಬ್ಬದಾಚರಣೆ ಮಾಡುವ ಪರಿ: ಮೊದಲಿಗೆ ಗ್ರಾಮದ ಪ್ರಮುಖ ಬೀದಿಗಳಲ್ಲಿ ವಧು-ವರರ ಮೆರವಣಿಗೆ ನಡೆಸಿ, ಮನೆ ಮನೆಗೆ ತೆರಳಿ ಅಕ್ಕಿ, ಬೇಳೆ, ಬೆಲ್ಲ ಸಂಗ್ರಹಿಸಲಾಗುತ್ತದೆ. ಸಂಗ್ರಹಿಸಿದ ಪದಾರ್ಥಗಳಿಂದ ಅಡುಗೆ ತಯಾರಿಸಿ ದೇವರಿಗೆ ನೈವೇದ್ಯ ಅರ್ಪಿಸಲಾಗುತ್ತದೆ. ಕಲಾವಿದ ಜಯಂತ್ ಪವಾರ್ ಕೂಡ ಹೀಗೆ ಆಚರಣೆಯಲ್ಲಿ ಪಾಲ್ಗೊಂಡಿದ್ದರು. ಗ್ರಾಮದ ಹಿರಿಯರು ಮಾರ್ಗದರ್ಶನ ನೀಡಿದರು.
ಎಲ್ಲಾ ಧರ್ಮಗಳ ಅಂತಿಮಗುರಿ ಮಾನವಬದುಕಿನ ಸಾಕ್ಷಾತ್ಕಾರ
ಇಫ್ತಾರ್ ಕೂಟ
ಆಲೂರು: ಧರ್ಮಗಳು, ಜಾತಿಗಳ ಭೇದವಿಲ್ಲದೆ ಸೌಹಾರ್ದ, ಸಹೋದರತ್ವ ಮತ್ತು ಮಾನವೀಯತೆಯನ್ನು ಬೆಳೆಸುವುದೇ 'ಇಫ್ತಾರ್ ಸೌಹಾರ್ದ ಕೂಟ'ದ ಉದ್ದೇಶ ಎಂದು ಜಮಾತೆ ಇಸ್ಲಾಮೀ ಹಿಂದ್ ಸಂಘಟನೆಯ ಮುಖಂಡರು ಅಭಿಪ್ರಾಯಪಟ್ಟರು. ಅವರು ತಾಲೂಕಿನ ಸಾಂಸ್ಕೃತಿಕ ಭವನದಲ್ಲಿ ಹಮ್ಮಿಕೊಂಡಿದ್ದ ಇಫ್ತಾರ್ ಸೌಹಾರ್ದ ಕೂಟದಲ್ಲಿ ಮಾತನಾಡಿದರು. ಎಲ್ಲಾ ಧರ್ಮಗಳ ಅಂತಿಮಗುರಿ ಮಾನವಬದುಕಿನ ಸಾಕ್ಷಾತ್ಕಾರ. ಪ್ರೀತಿ, ಸ್ನೇಹ, ಸಹೋದರತೆ, ತ್ಯಾಗ, ಸಹಕಾರ ಮನೋಭಾವಗಳು ಎಲ್ಲಾ ಧರ್ಮಗಳಲ್ಲಿ ಬೋಧಿಸಲ್ಪಟ್ಟಿವೆ. ರಂಜಾನ್ ತಿಂಗಳು ಉಪವಾಸ, ಪ್ರಾರ್ಥನೆ ಮತ್ತು ದಾನದ ಮೂಲಕ ಮನುಷ್ಯನನ್ನು ಶುದ್ಧೀಕರಿಸುತ್ತದೆ ಎಂದರು. ಕ್ರಿಶ್ಚಿಯನ್ ಧರ್ಮಗುರುಗಳು, ಹಿಂದೂ ಮಠಾಧೀಶರು, ಬೌದ್ಧ ಧರ್ಮದ ಪ್ರತಿನಿಧಿಗಳು ಭಾಗವಹಿಸಿ ಸೌಹಾರ್ದ ಸಂದೇಶ ನೀಡಿದರು. ಸಾಮಾಜಿಕ ಸಾಮರಸ್ಯಕ್ಕೆ ಇಂತಹ ಕಾರ್ಯಕ್ರಮಗಳು ಸಹಕಾರಿಯಾಗುತ್ತವೆ ಎಂದು ಮುಖಂಡರು ಹೇಳಿದರು. ಮಸೀದಿಯ ಸದಸ್ಯರು, ನಾಗರಿಕರು, ವಿವಿಧ ಸಮುದಾಯದ ಮುಖಂಡರು, ಯುವಕರು ಪಾಲ್ಗೊಂಡಿದ್ದರು. ನಂತರ ಸಾಮೂಹಿಕ ಇಫ್ತಾರ್ ಭೋಜನ ನಡೆಯಿತು. ಆಲೂರು ಜಮಾತೆ ಇಸ್ಲಾಮೀ ಹಿಂದ್ ಘಟಕದ ಅಧ್ಯಕ್ಷರು ಸ್ವಾಗತಿಸಿದರು, ಕಾರ್ಯದರ್ಶಿ ವಂದಿಸಿದರು.
ಧರ್ಮಗಳು, ಜಾತಿಗಳ ಭೇದವಿಲ್ಲದೆ ಸೌಹಾರ್ದ, ಸಹೋದರತ್ವ ಮತ್ತು ಮಾನವೀಯತೆಯನ್ನು ಬೆಳೆಸುವುದೇ 'ಇಫ್ತಾರ್ ಸೌಹಾರ್ದ ಕೂಟ'ದ ಉದ್ದೇಶ ಎಂದು ಜಮಾತೆ ಇಸ್ಲಾಮೀ ಹಿಂದ್ ಸಂಘಟನೆಯ ಮುಖಂಡರು ಅಭಿಪ್ರಾಯಪಟ್ಟರು. ಅವರು ತಾಲೂಕಿನ ಸಾಂಸ್ಕೃತಿಕ ಭವನದಲ್ಲಿ ಹಮ್ಮಿಕೊಂಡಿದ್ದ ಇಫ್ತಾರ್ ಸೌಹಾರ್ದ ಕೂಟದಲ್ಲಿ ಮಾತನಾಡಿದರು. ಎಲ್ಲಾ ಧರ್ಮಗಳ ಅಂತಿಮಗುರಿ ಮಾನವಬದುಕಿನ ಸಾಕ್ಷಾತ್ಕಾರ. ಪ್ರೀತಿ, ಸ್ನೇಹ, ಸಹೋದರತೆ, ತ್ಯಾಗ, ಸಹಕಾರ ಮನೋಭಾವಗಳು ಎಲ್ಲಾ ಧರ್ಮಗಳಲ್ಲಿ ಬೋಧಿಸಲ್ಪಟ್ಟಿವೆ. ರಂಜಾನ್ ತಿಂಗಳು ಉಪವಾಸ, ಪ್ರಾರ್ಥನೆ ಮತ್ತು ದಾನದ ಮೂಲಕ ಮನುಷ್ಯನನ್ನು ಶುದ್ಧೀಕರಿಸುತ್ತದೆ ಎಂದರು. ಕ್ರಿಶ್ಚಿಯನ್ ಧರ್ಮಗುರುಗಳು, ಹಿಂದೂ ಮಠಾಧೀಶರು, ಬೌದ್ಧ ಧರ್ಮದ ಪ್ರತಿನಿಧಿಗಳು ಭಾಗವಹಿಸಿ ಸೌಹಾರ್ದ ಸಂದೇಶ ನೀಡಿದರು. ಸಾಮಾಜಿಕ ಸಾಮರಸ್ಯಕ್ಕೆ ಇಂತಹ ಕಾರ್ಯಕ್ರಮಗಳು ಸಹಕಾರಿಯಾಗುತ್ತವೆ ಎಂದು ಮುಖಂಡರು ಹೇಳಿದರು. ಮಸೀದಿಯ ಸದಸ್ಯರು, ನಾಗರಿಕರು, ವಿವಿಧ ಸಮುದಾಯದ ಮುಖಂಡರು, ಯುವಕರು ಪಾಲ್ಗೊಂಡಿದ್ದರು. ನಂತರ ಸಾಮೂಹಿಕ ಇಫ್ತಾರ್ ಭೋಜನ ನಡೆಯಿತು. ಆಲೂರು ಜಮಾತೆ ಇಸ್ಲಾಮೀ ಹಿಂದ್ ಘಟಕದ ಅಧ್ಯಕ್ಷರು ಸ್ವಾಗತಿಸಿದರು, ಕಾರ್ಯದರ್ಶಿ ವಂದಿಸಿದರು.
